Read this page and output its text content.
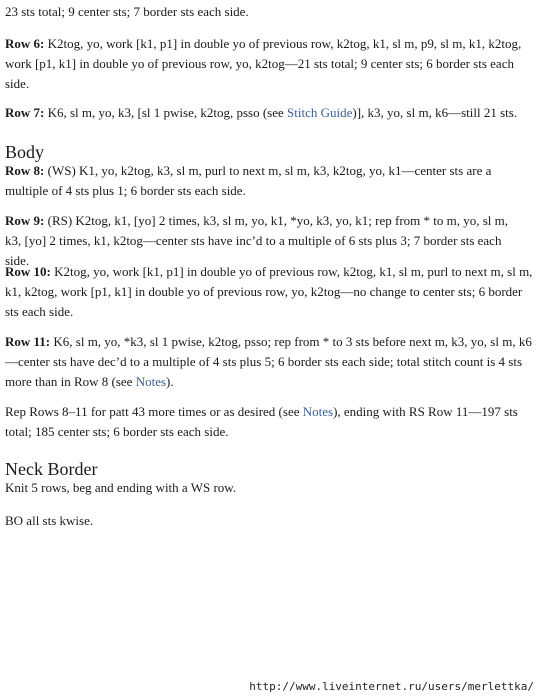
23 sts total; 9 center sts; 7 border sts each side.

Row 6: K2tog, yo, work [k1, p1] in double yo of previous row, k2tog, k1, sl m, p9, sl m, k1, k2tog, work [p1, k1] in double yo of previous row, yo, k2tog—21 sts total; 9 center sts; 6 border sts each side.

Row 7: K6, sl m, yo, k3, [sl 1 pwise, k2tog, psso (see Stitch Guide)], k3, yo, sl m, k6—still 21 sts.

Body

Row 8: (WS) K1, yo, k2tog, k3, sl m, purl to next m, sl m, k3, k2tog, yo, k1—center sts are a multiple of 4 sts plus 1; 6 border sts each side.

Row 9: (RS) K2tog, k1, [yo] 2 times, k3, sl m, yo, k1, *yo, k3, yo, k1; rep from * to m, yo, sl m, k3, [yo] 2 times, k1, k2tog—center sts have inc’d to a multiple of 6 sts plus 3; 7 border sts each side.

Row 10: K2tog, yo, work [k1, p1] in double yo of previous row, k2tog, k1, sl m, purl to next m, sl m, k1, k2tog, work [p1, k1] in double yo of previous row, yo, k2tog—no change to center sts; 6 border sts each side.

Row 11: K6, sl m, yo, *k3, sl 1 pwise, k2tog, psso; rep from * to 3 sts before next m, k3, yo, sl m, k6—center sts have dec’d to a multiple of 4 sts plus 5; 6 border sts each side; total stitch count is 4 sts more than in Row 8 (see Notes).

Rep Rows 8–11 for patt 43 more times or as desired (see Notes), ending with RS Row 11—197 sts total; 185 center sts; 6 border sts each side.

Neck Border

Knit 5 rows, beg and ending with a WS row.

BO all sts kwise.

http://www.liveinternet.ru/users/merlettka/
